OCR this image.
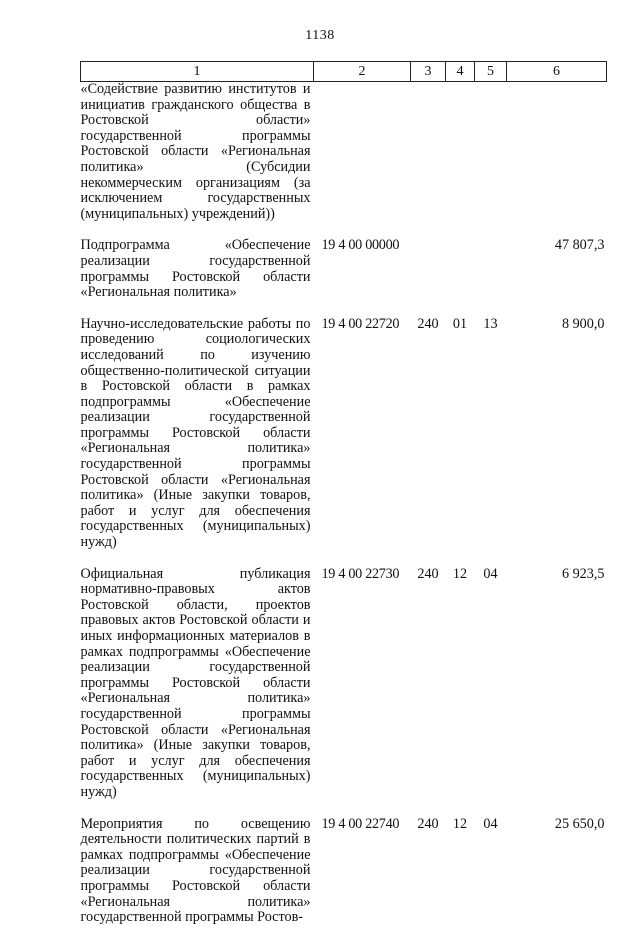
1138
1	2	3	4	5	6
«Содействие развитию институтов и инициатив гражданского общества в Ростовской области» государственной программы Ростовской области «Региональная политика» (Субсидии некоммерческим организациям (за исключением государственных (муниципальных) учреждений))					
Подпрограмма «Обеспечение реализации государственной программы Ростовской области «Региональная политика»	19 4 00 00000				47 807,3
Научно-исследовательские работы по проведению социологических исследований по изучению общественно-политической ситуации в Ростовской области в рамках подпрограммы «Обеспечение реализации государственной программы Ростовской области «Региональная политика» государственной программы Ростовской области «Региональная политика» (Иные закупки товаров, работ и услуг для обеспечения государственных (муниципальных) нужд)	19 4 00 22720	240	01	13	8 900,0
Официальная публикация нормативно-правовых актов Ростовской области, проектов правовых актов Ростовской области и иных информационных материалов в рамках подпрограммы «Обеспечение реализации государственной программы Ростовской области «Региональная политика» государственной программы Ростовской области «Региональная политика» (Иные закупки товаров, работ и услуг для обеспечения государственных (муниципальных) нужд)	19 4 00 22730	240	12	04	6 923,5
Мероприятия по освещению деятельности политических партий в рамках подпрограммы «Обеспечение реализации государственной программы Ростовской области «Региональная политика» государственной программы Ростов-	19 4 00 22740	240	12	04	25 650,0
